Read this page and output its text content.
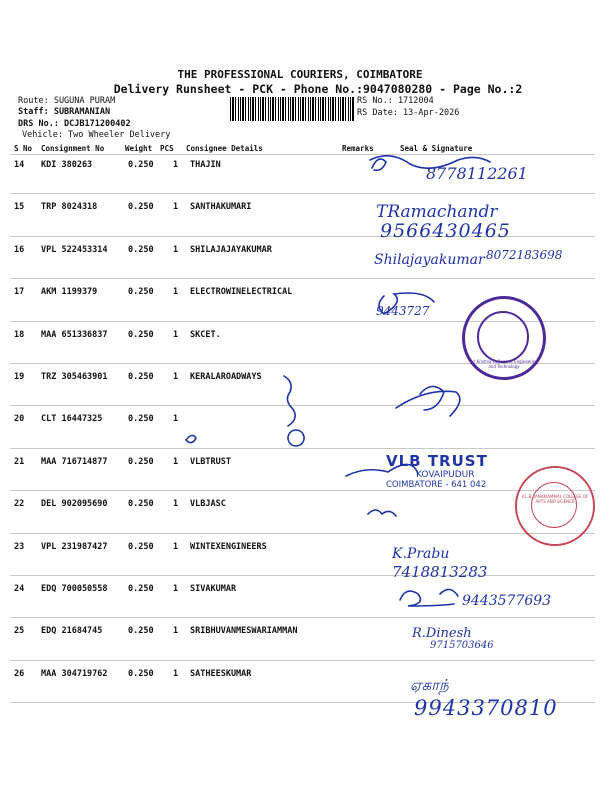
THE PROFESSIONAL COURIERS, COIMBATORE
Delivery Runsheet - PCK - Phone No.:9047080280 - Page No.:2
Route: SUGUNA PURAM
Staff: SUBRAMANIAN
DRS No.: DCJB171200402
Vehicle: Two Wheeler Delivery
RS No.: 1712004
RS Date: 13-Apr-2026
S No Consignment No	Weight PCS Consignee Details	Remarks	Seal & Signature
14 KDI 380263	0.250 1 THAJIN
15 TRP 8024318	0.250 1 SANTHAKUMARI
16 VPL 522453314 0.250 1 SHILAJAJAYAKUMAR
17 AKM 1199379	0.250 1 ELECTROWINELECTRICAL
18 MAA 651336837 0.250 1 SKCET.
19 TRZ 305463901 0.250 1 KERALAROADWAYS
20 CLT 16447325	0.250 1
21 MAA 716714877 0.250 1 VLBTRUST
22 DEL 902095690 0.250 1 VLBJASC
23 VPL 231987427 0.250 1 WINTEXENGINEERS
24 EDQ 700050558 0.250 1 SIVAKUMAR
25 EDQ 21684745	0.250 1 SRIBHUVANMESWARIAMMAN
26 MAA 304719762 0.250 1 SATHEESKUMAR
Sri Krishna College of Engineering and Technology
VLB TRUST
KOVAIPUDUR
COIMBATORE - 641 042
V.L.B. JANAKIAMMAL COLLEGE OF ARTS AND SCIENCE
8778112261
TRamachandr
9566430465
Shilajayakumar 8072183698
9443727
K.Prabu
7418813283
9443577693
R.Dinesh
9715703646
ஏகாந்
9943370810
